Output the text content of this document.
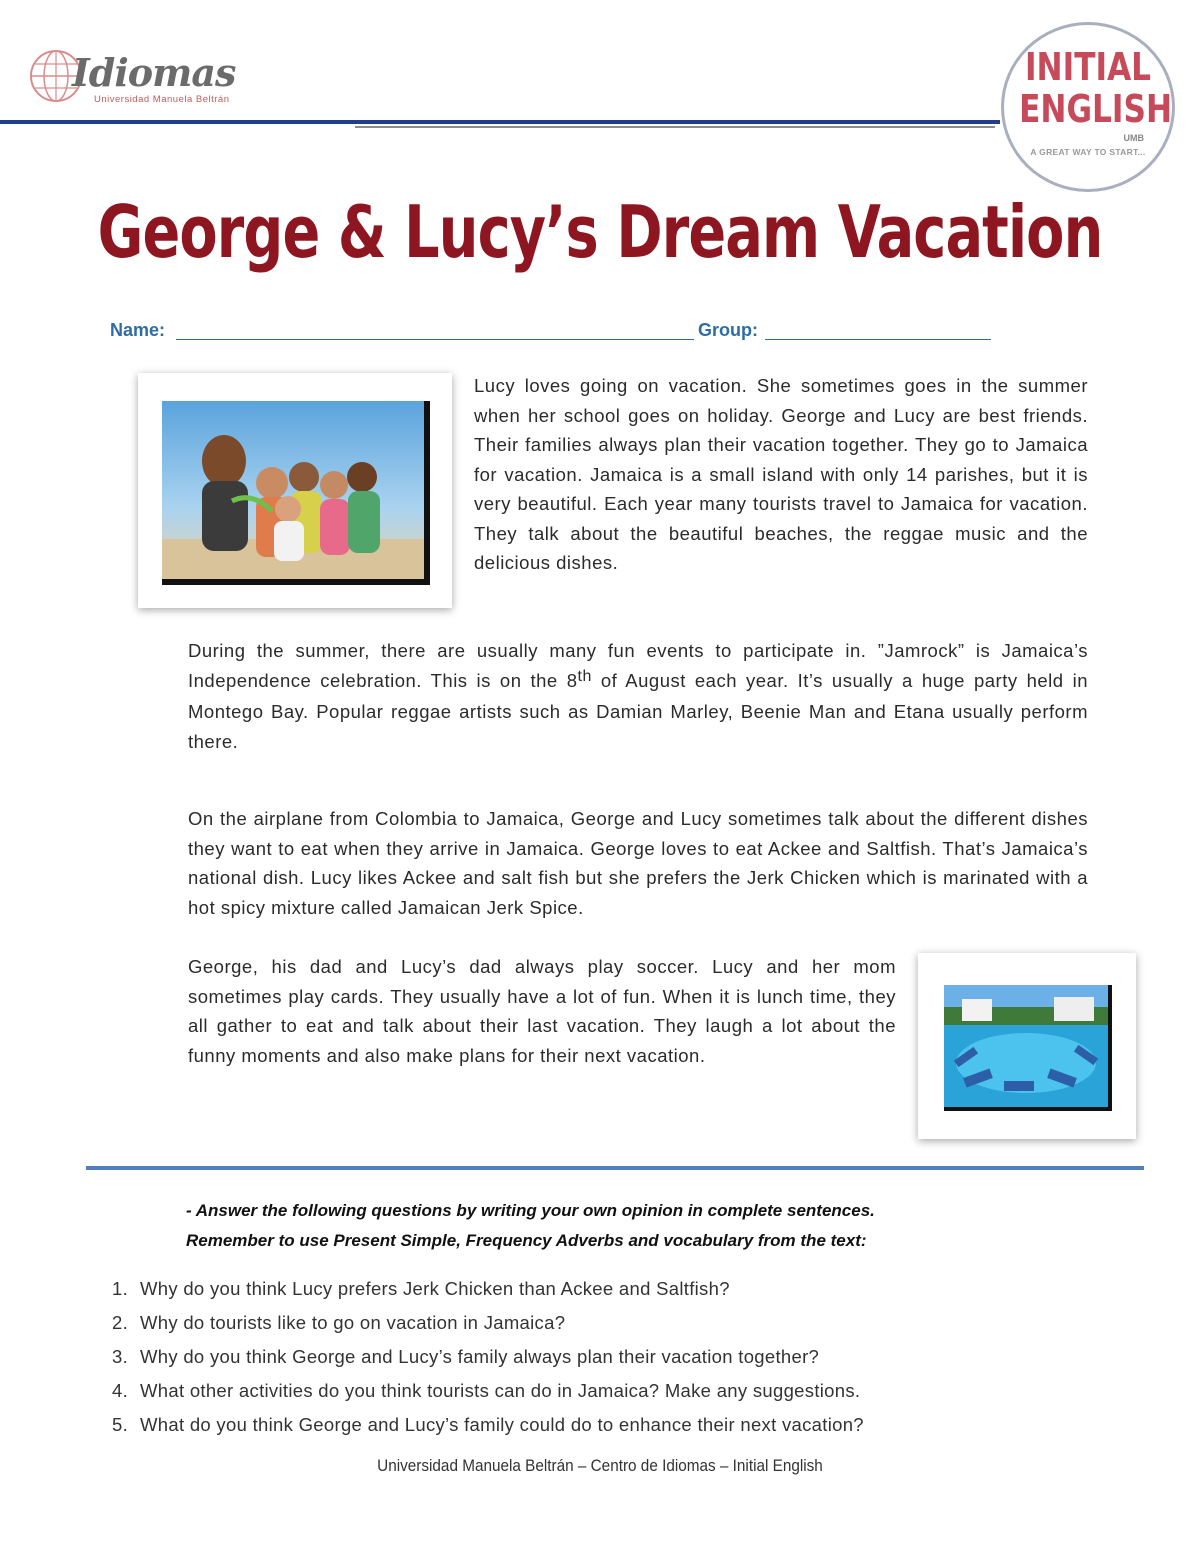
Idiomas
Universidad Manuela Beltrán
INITIAL
ENGLISH
UMB
A GREAT WAY TO START...
George & Lucy’s Dream Vacation
Name:	Group:
Lucy loves going on vacation. She sometimes goes in the summer when her school goes on holiday. George and Lucy are best friends. Their families always plan their vacation together. They go to Jamaica for vacation. Jamaica is a small island with only 14 parishes, but it is very beautiful. Each year many tourists travel to Jamaica for vacation. They talk about the beautiful beaches, the reggae music and the delicious dishes.
During the summer, there are usually many fun events to participate in. ”Jamrock” is Jamaica’s Independence celebration. This is on the 8th of August each year. It’s usually a huge party held in Montego Bay. Popular reggae artists such as Damian Marley, Beenie Man and Etana usually perform there.
On the airplane from Colombia to Jamaica, George and Lucy sometimes talk about the different dishes they want to eat when they arrive in Jamaica. George loves to eat Ackee and Saltfish. That’s Jamaica’s national dish. Lucy likes Ackee and salt fish but she prefers the Jerk Chicken which is marinated with a hot spicy mixture called Jamaican Jerk Spice.
George, his dad and Lucy’s dad always play soccer. Lucy and her mom sometimes play cards. They usually have a lot of fun. When it is lunch time, they all gather to eat and talk about their last vacation. They laugh a lot about the funny moments and also make plans for their next vacation.
- Answer the following questions by writing your own opinion in complete sentences.
Remember to use Present Simple, Frequency Adverbs and vocabulary from the text:
1. Why do you think Lucy prefers Jerk Chicken than Ackee and Saltfish?
2. Why do tourists like to go on vacation in Jamaica?
3. Why do you think George and Lucy’s family always plan their vacation together?
4. What other activities do you think tourists can do in Jamaica? Make any suggestions.
5. What do you think George and Lucy’s family could do to enhance their next vacation?
Universidad Manuela Beltrán – Centro de Idiomas – Initial English
